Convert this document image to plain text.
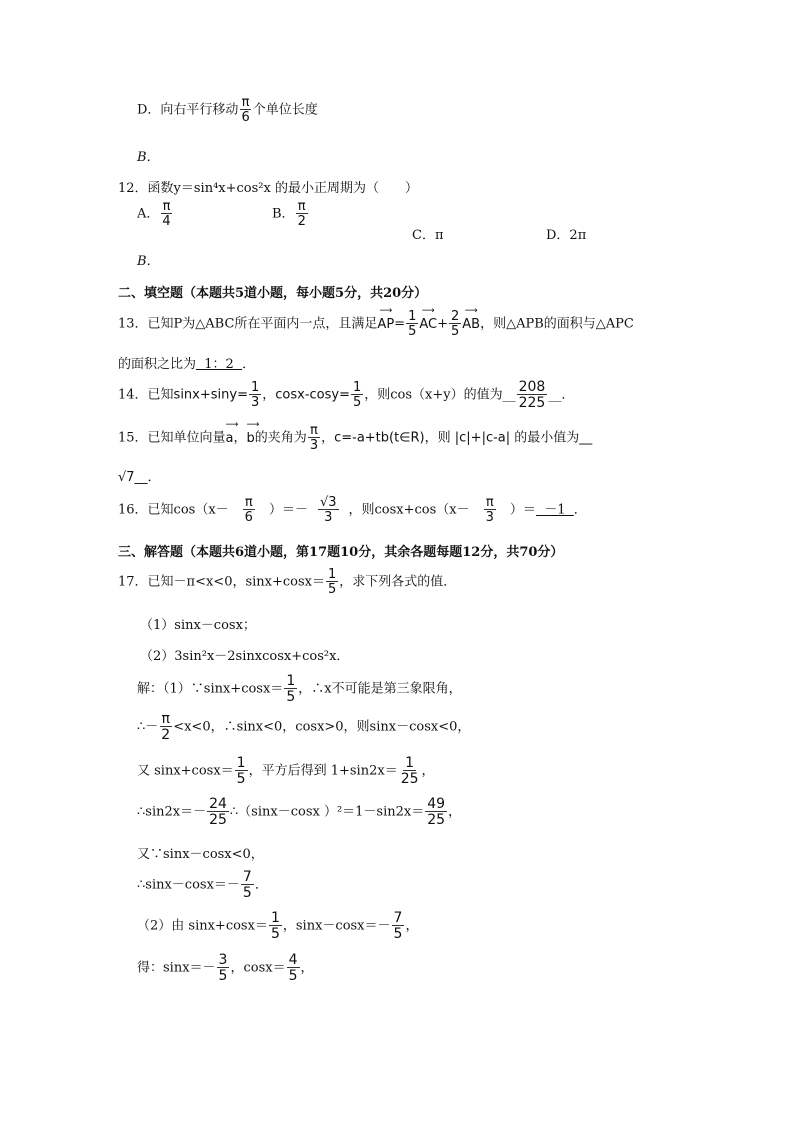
D．向右平行移动 $\frac{\pi}{6}$ 个单位长度
B．
12．函数y＝sin⁴x+cos²x 的最小正周期为（　　）
A． $\frac{\pi}{4}$	B． $\frac{\pi}{2}$
C．π	D．2π
B．
二、填空题（本题共5道小题，每小题5分，共20分）
13．已知P为△ABC所在平面内一点，且满足⟶ $AP= \frac{1}{5}$ ⟶ $AC+ \frac{2}{5}$ ⟶ AB，则△APB的面积与△APC
的面积之比为  1：2  ．
14．已知$\sin x+\sin y= \frac{1}{3}$ ，$\cos x-\cos y= \frac{1}{5}$ ，则cos（x+y）的值为__ $\frac{208}{225}$ __．
15．已知单位向量⟶ a，⟶ b的夹角为 $\frac{\pi}{3}$ ，c=-a+tb(t∈R)，则 |c|+|c-a| 的最小值为__
√7__．
16．已知$\cos(x- \frac{\pi}{6}$ ）＝－ $\frac{√3}{3}$ ，则$\cos x+\cos(x- \frac{\pi}{3}$ ）＝  －1  ．
三、解答题（本题共6道小题，第17题10分，其余各题每题12分，共70分）
17．已知－π<x<0，$\sin x+\cos x= \frac{1}{5}$ ，求下列各式的值．
（1）sinx－cosx；
（2）3sin²x－2sinxcosx+cos²x．
解：（1）∵sinx+cosx＝ $\frac{1}{5}$ ，∴x不可能是第三象限角，
∴－ $\frac{\pi}{2} <x<0$，∴sinx<0，cosx>0，则sinx－cosx<0，
又 $\sin x+\cos x= \frac{1}{5}$ ，平方后得到 $1+\sin 2x= \frac{1}{25}$ ，
∴sin2x＝－ $\frac{24}{25}$ ∴（sinx－cosx ）$^2=1-\sin 2x= \frac{49}{25}$ ，
又∵sinx－cosx<0，
∴sinx－cosx＝－ $\frac{7}{5}$ ．
（2）由 $\sin x+\cos x= \frac{1}{5}$ ，$\sin x-\cos x=- \frac{7}{5}$ ，
得：$\sin x=- \frac{3}{5}$ ，$\cos x= \frac{4}{5}$ ，
